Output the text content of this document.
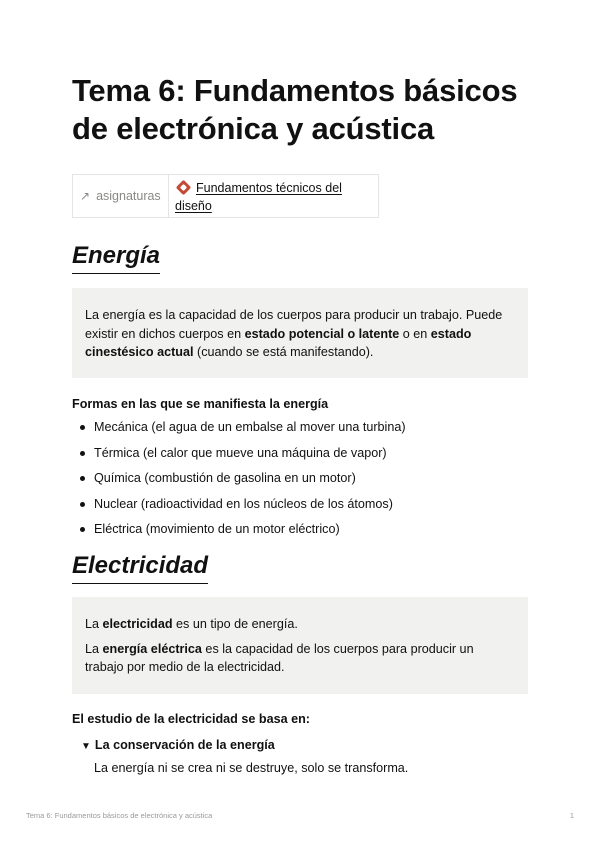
Tema 6: Fundamentos básicos de electrónica y acústica
↗ asignaturas
Fundamentos técnicos del diseño
Energía

La energía es la capacidad de los cuerpos para producir un trabajo. Puede existir en dichos cuerpos en estado potencial o latente o en estado cinestésico actual (cuando se está manifestando).

Formas en las que se manifiesta la energía
Mecánica (el agua de un embalse al mover una turbina)
Térmica (el calor que mueve una máquina de vapor)
Química (combustión de gasolina en un motor)
Nuclear (radioactividad en los núcleos de los átomos)
Eléctrica (movimiento de un motor eléctrico)
Electricidad

La electricidad es un tipo de energía.

La energía eléctrica es la capacidad de los cuerpos para producir un trabajo por medio de la electricidad.

El estudio de la electricidad se basa en:
▼ La conservación de la energía
La energía ni se crea ni se destruye, solo se transforma.
Tema 6: Fundamentos básicos de electrónica y acústica	1
